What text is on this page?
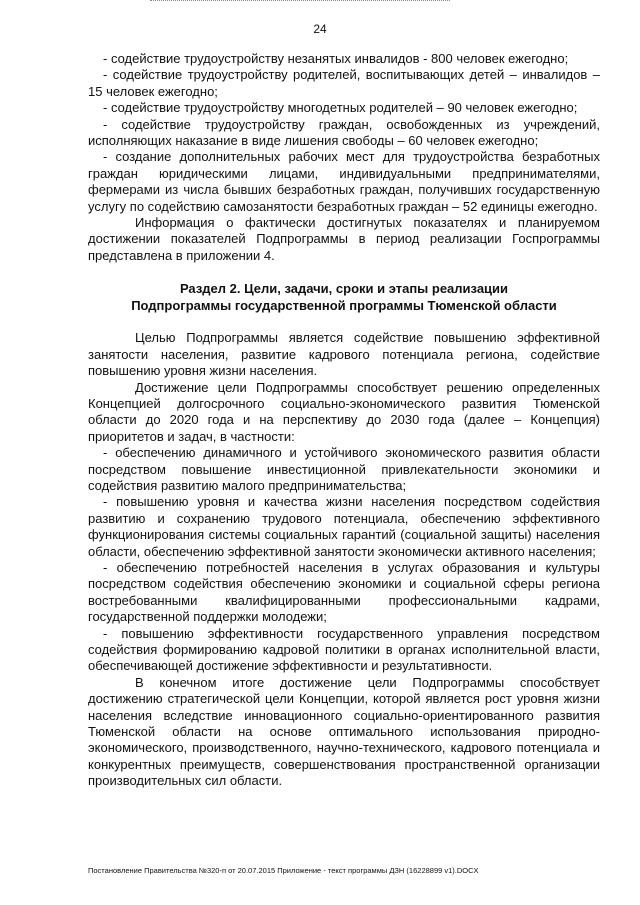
24

- содействие трудоустройству незанятых инвалидов - 800 человек ежегодно;

- содействие трудоустройству родителей, воспитывающих детей – инвалидов – 15 человек ежегодно;

- содействие трудоустройству многодетных родителей – 90 человек ежегодно;

- содействие трудоустройству граждан, освобожденных из учреждений, исполняющих наказание в виде лишения свободы – 60 человек ежегодно;

- создание дополнительных рабочих мест для трудоустройства безработных граждан юридическими лицами, индивидуальными предпринимателями, фермерами из числа бывших безработных граждан, получивших государственную услугу по содействию самозанятости безработных граждан – 52 единицы ежегодно.

Информация о фактически достигнутых показателях и планируемом достижении показателей Подпрограммы в период реализации Госпрограммы представлена в приложении 4.

Раздел 2. Цели, задачи, сроки и этапы реализации

Подпрограммы государственной программы Тюменской области

Целью Подпрограммы является содействие повышению эффективной занятости населения, развитие кадрового потенциала региона, содействие повышению уровня жизни населения.

Достижение цели Подпрограммы способствует решению определенных Концепцией долгосрочного социально-экономического развития Тюменской области до 2020 года и на перспективу до 2030 года (далее – Концепция) приоритетов и задач, в частности:

- обеспечению динамичного и устойчивого экономического развития области посредством повышение инвестиционной привлекательности экономики и содействия развитию малого предпринимательства;

- повышению уровня и качества жизни населения посредством содействия развитию и сохранению трудового потенциала, обеспечению эффективного функционирования системы социальных гарантий (социальной защиты) населения области, обеспечению эффективной занятости экономически активного населения;

- обеспечению потребностей населения в услугах образования и культуры посредством содействия обеспечению экономики и социальной сферы региона востребованными квалифицированными профессиональными кадрами, государственной поддержки молодежи;

- повышению эффективности государственного управления посредством содействия формированию кадровой политики в органах исполнительной власти, обеспечивающей достижение эффективности и результативности.

В конечном итоге достижение цели Подпрограммы способствует достижению стратегической цели Концепции, которой является рост уровня жизни населения вследствие инновационного социально-ориентированного развития Тюменской области на основе оптимального использования природно-экономического, производственного, научно-технического, кадрового потенциала и конкурентных преимуществ, совершенствования пространственной организации производительных сил области.

Постановление Правительства №320-п от 20.07.2015 Приложение - текст программы ДЗН (16228899 v1).DOCX
